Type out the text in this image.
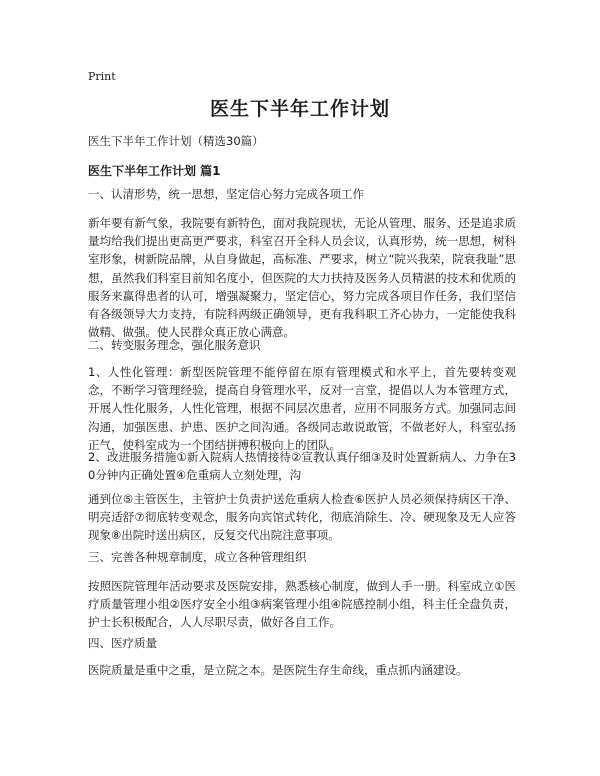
Print
医生下半年工作计划

医生下半年工作计划（精选30篇）

医生下半年工作计划 篇1

一、认清形势，统一思想，坚定信心努力完成各项工作

新年要有新气象，我院要有新特色，面对我院现状，无论从管理、服务、还是追求质量均给我们提出更高更严要求，科室召开全科人员会议，认真形势，统一思想，树科室形象，树新院品牌，从自身做起，高标准、严要求，树立“院兴我荣，院衰我耻”思想，虽然我们科室目前知名度小，但医院的大力扶持及医务人员精湛的技术和优质的服务来赢得患者的认可，增强凝聚力，坚定信心，努力完成各项目作任务，我们坚信有各级领导大力支持，有院科两级正确领导，更有我科职工齐心协力，一定能使我科做精、做强。使人民群众真正放心满意。

二、转变服务理念，强化服务意识

1、人性化管理：新型医院管理不能停留在原有管理模式和水平上，首先要转变观念，不断学习管理经验，提高自身管理水平，反对一言堂，提倡以人为本管理方式，开展人性化服务，人性化管理，根据不同层次患者，应用不同服务方式。加强同志间沟通，加强医患、护患、医护之间沟通。各级同志敢说敢管，不做老好人，科室弘扬正气，使科室成为一个团结拼搏积极向上的团队。

2、改进服务措施①新入院病人热情接待②宣教认真仔细③及时处置新病人、力争在30分钟内正确处置④危重病人立刻处理，沟

通到位⑤主管医生，主管护士负责护送危重病人检查⑥医护人员必须保持病区干净、明亮适舒⑦彻底转变观念，服务向宾馆式转化，彻底消除生、冷、硬现象及无人应答现象⑧出院时送出病区，反复交代出院注意事项。

三、完善各种规章制度，成立各种管理组织

按照医院管理年活动要求及医院安排，熟悉核心制度，做到人手一册。科室成立①医疗质量管理小组②医疗安全小组③病案管理小组④院感控制小组，科主任全盘负责，护士长积极配合，人人尽职尽责，做好各自工作。

四、医疗质量

医院质量是重中之重，是立院之本。是医院生存生命线，重点抓内涵建设。
